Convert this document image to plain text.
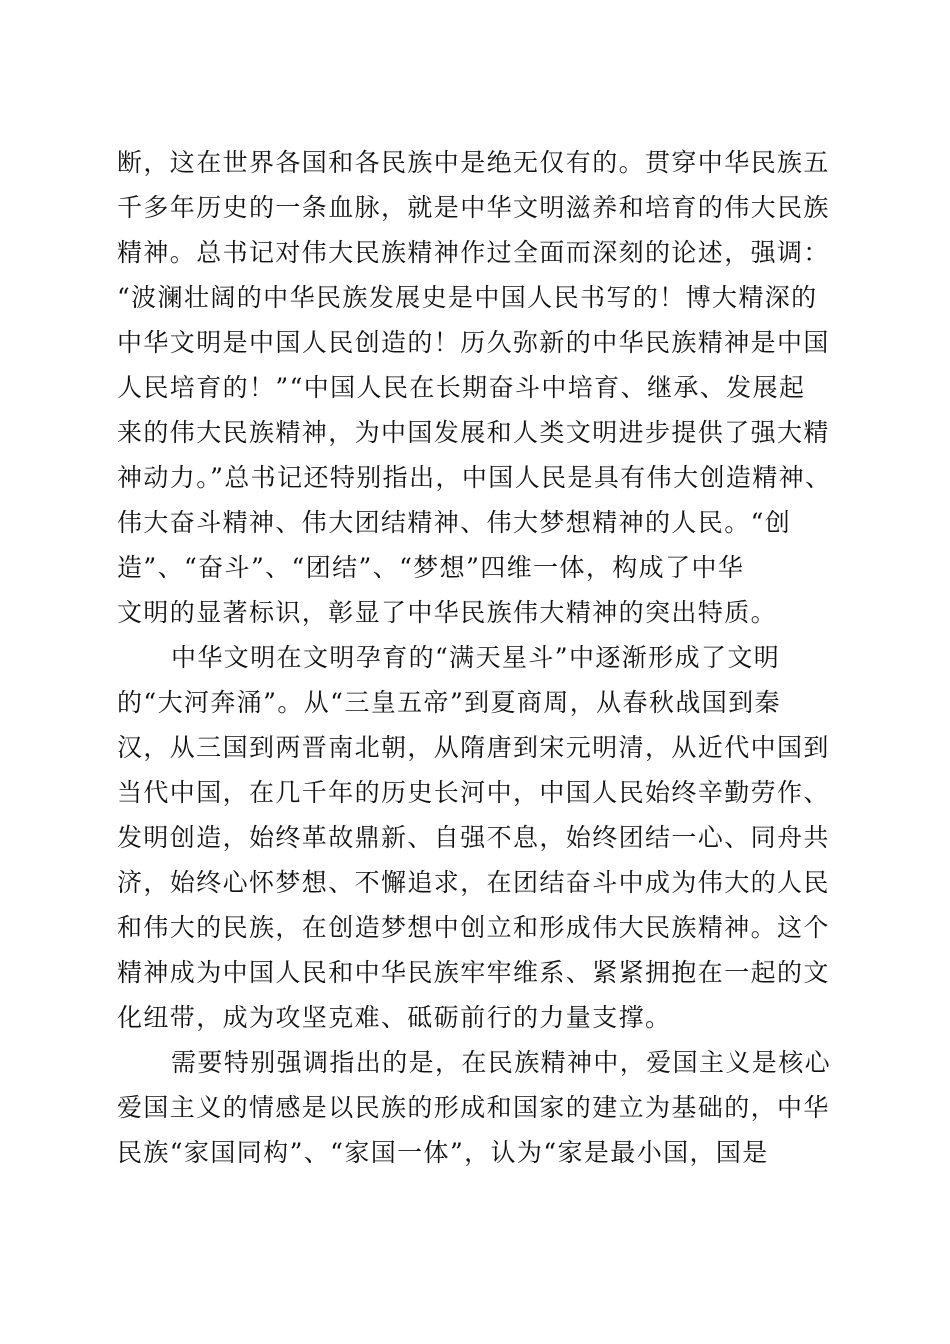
断，这在世界各国和各民族中是绝无仅有的。贯穿中华民族五
千多年历史的一条血脉，就是中华文明滋养和培育的伟大民族
精神。总书记对伟大民族精神作过全面而深刻的论述，强调：
“波澜壮阔的中华民族发展史是中国人民书写的！博大精深的
中华文明是中国人民创造的！历久弥新的中华民族精神是中国
人民培育的！”“中国人民在长期奋斗中培育、继承、发展起
来的伟大民族精神，为中国发展和人类文明进步提供了强大精
神动力。”总书记还特别指出，中国人民是具有伟大创造精神、
伟大奋斗精神、伟大团结精神、伟大梦想精神的人民。“创
造”、“奋斗”、“团结”、“梦想”四维一体，构成了中华
文明的显著标识，彰显了中华民族伟大精神的突出特质。
中华文明在文明孕育的“满天星斗”中逐渐形成了文明
的“大河奔涌”。从“三皇五帝”到夏商周，从春秋战国到秦
汉，从三国到两晋南北朝，从隋唐到宋元明清，从近代中国到
当代中国，在几千年的历史长河中，中国人民始终辛勤劳作、
发明创造，始终革故鼎新、自强不息，始终团结一心、同舟共
济，始终心怀梦想、不懈追求，在团结奋斗中成为伟大的人民
和伟大的民族，在创造梦想中创立和形成伟大民族精神。这个
精神成为中国人民和中华民族牢牢维系、紧紧拥抱在一起的文
化纽带，成为攻坚克难、砥砺前行的力量支撑。
需要特别强调指出的是，在民族精神中，爱国主义是核心
爱国主义的情感是以民族的形成和国家的建立为基础的，中华
民族“家国同构”、“家国一体”，认为“家是最小国，国是
